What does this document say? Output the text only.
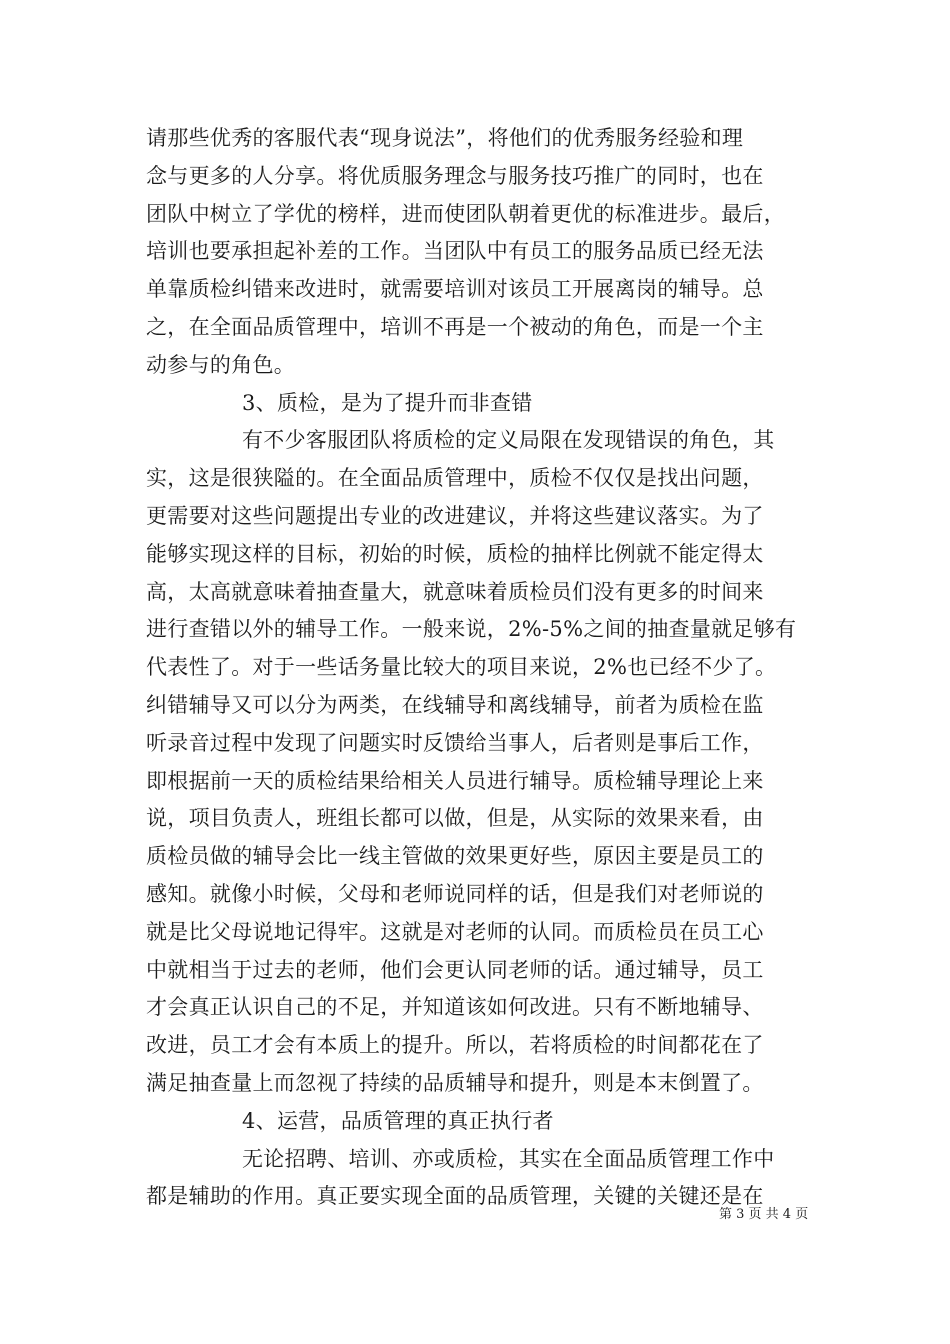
请那些优秀的客服代表“现身说法”，将他们的优秀服务经验和理
念与更多的人分享。将优质服务理念与服务技巧推广的同时，也在
团队中树立了学优的榜样，进而使团队朝着更优的标准进步。最后，
培训也要承担起补差的工作。当团队中有员工的服务品质已经无法
单靠质检纠错来改进时，就需要培训对该员工开展离岗的辅导。总
之，在全面品质管理中，培训不再是一个被动的角色，而是一个主
动参与的角色。
3、质检，是为了提升而非查错
有不少客服团队将质检的定义局限在发现错误的角色，其
实，这是很狭隘的。在全面品质管理中，质检不仅仅是找出问题，
更需要对这些问题提出专业的改进建议，并将这些建议落实。为了
能够实现这样的目标，初始的时候，质检的抽样比例就不能定得太
高，太高就意味着抽查量大，就意味着质检员们没有更多的时间来
进行查错以外的辅导工作。一般来说，2%-5%之间的抽查量就足够有
代表性了。对于一些话务量比较大的项目来说，2%也已经不少了。
纠错辅导又可以分为两类，在线辅导和离线辅导，前者为质检在监
听录音过程中发现了问题实时反馈给当事人，后者则是事后工作，
即根据前一天的质检结果给相关人员进行辅导。质检辅导理论上来
说，项目负责人，班组长都可以做，但是，从实际的效果来看，由
质检员做的辅导会比一线主管做的效果更好些，原因主要是员工的
感知。就像小时候，父母和老师说同样的话，但是我们对老师说的
就是比父母说地记得牢。这就是对老师的认同。而质检员在员工心
中就相当于过去的老师，他们会更认同老师的话。通过辅导，员工
才会真正认识自己的不足，并知道该如何改进。只有不断地辅导、
改进，员工才会有本质上的提升。所以，若将质检的时间都花在了
满足抽查量上而忽视了持续的品质辅导和提升，则是本末倒置了。
4、运营，品质管理的真正执行者
无论招聘、培训、亦或质检，其实在全面品质管理工作中
都是辅助的作用。真正要实现全面的品质管理，关键的关键还是在
第 3 页 共 4 页
